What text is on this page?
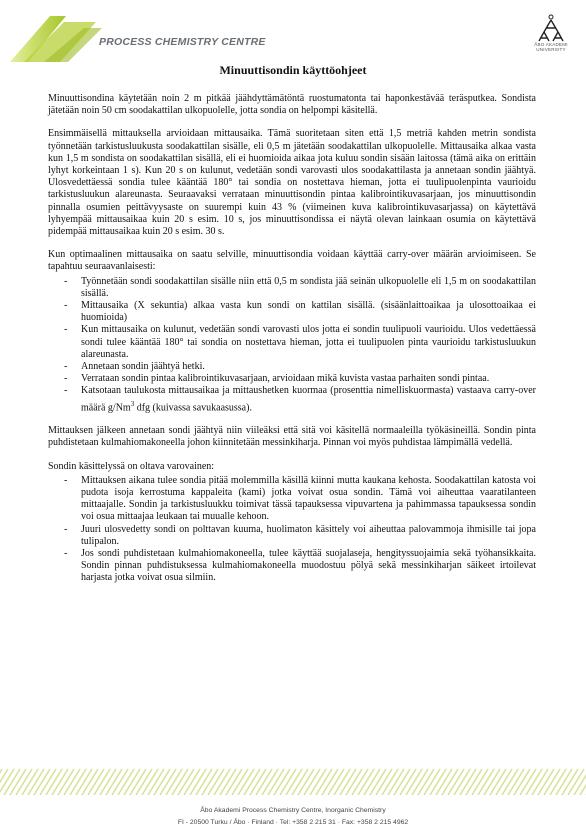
PROCESS CHEMISTRY CENTRE	ÅBO AKADEMI
UNIVERSITY
Minuuttisondin käyttöohjeet

Minuuttisondina käytetään noin 2 m pitkää jäähdyttämätöntä ruostumatonta tai haponkestävää teräsputkea. Sondista jätetään noin 50 cm soodakattilan ulkopuolelle, jotta sondia on helpompi käsitellä.

Ensimmäisellä mittauksella arvioidaan mittausaika. Tämä suoritetaan siten että 1,5 metriä kahden metrin sondista työnnetään tarkistusluukusta soodakattilan sisälle, eli 0,5 m jätetään soodakattilan ulkopuolelle. Mittausaika alkaa vasta kun 1,5 m sondista on soodakattilan sisällä, eli ei huomioida aikaa jota kuluu sondin sisään laitossa (tämä aika on erittäin lyhyt korkeintaan 1 s). Kun 20 s on kulunut, vedetään sondi varovasti ulos soodakattilasta ja annetaan sondin jäähtyä. Ulosvedettäessä sondia tulee kääntää 180° tai sondia on nostettava hieman, jotta ei tuulipuolenpinta vaurioidu tarkistusluukun alareunasta. Seuraavaksi verrataan minuuttisondin pintaa kalibrointikuvasarjaan, jos minuuttisondin pinnalla osumien peittävyysaste on suurempi kuin 43 % (viimeinen kuva kalibrointikuvasarjassa) on käytettävä lyhyempää mittausaikaa kuin 20 s esim. 10 s, jos minuuttisondissa ei näytä olevan lainkaan osumia on käytettävä pidempää mittausaikaa kuin 20 s esim. 30 s.

Kun optimaalinen mittausaika on saatu selville, minuuttisondia voidaan käyttää carry-over määrän arvioimiseen. Se tapahtuu seuraavanlaisesti:

- Työnnetään sondi soodakattilan sisälle niin että 0,5 m sondista jää seinän ulkopuolelle eli 1,5 m on soodakattilan sisällä.
- Mittausaika (X sekuntia) alkaa vasta kun sondi on kattilan sisällä. (sisäänlaittoaikaa ja ulosottoaikaa ei huomioida)
- Kun mittausaika on kulunut, vedetään sondi varovasti ulos jotta ei sondin tuulipuoli vaurioidu. Ulos vedettäessä sondi tulee kääntää 180° tai sondia on nostettava hieman, jotta ei tuulipuolen pinta vaurioidu tarkistusluukun alareunasta.
- Annetaan sondin jäähtyä hetki.
- Verrataan sondin pintaa kalibrointikuvasarjaan, arvioidaan mikä kuvista vastaa parhaiten sondi pintaa.
- Katsotaan taulukosta mittausaikaa ja mittaushetken kuormaa (prosenttia nimelliskuormasta) vastaava carry-over määrä g/Nm$^3$ dfg (kuivassa savukaasussa).

Mittauksen jälkeen annetaan sondi jäähtyä niin viileäksi että sitä voi käsitellä normaaleilla työkäsineillä. Sondin pinta puhdistetaan kulmahiomakoneella johon kiinnitetään messinkiharja. Pinnan voi myös puhdistaa lämpimällä vedellä.

Sondin käsittelyssä on oltava varovainen:

- Mittauksen aikana tulee sondia pitää molemmilla käsillä kiinni mutta kaukana kehosta. Soodakattilan katosta voi pudota isoja kerrostuma kappaleita (kami) jotka voivat osua sondin. Tämä voi aiheuttaa vaaratilanteen mittaajalle. Sondin ja tarkistusluukku toimivat tässä tapauksessa vipuvartena ja pahimmassa tapauksessa sondin voi osua mittaajaa leukaan tai muualle kehoon.
- Juuri ulosvedetty sondi on polttavan kuuma, huolimaton käsittely voi aiheuttaa palovammoja ihmisille tai jopa tulipalon.
- Jos sondi puhdistetaan kulmahiomakoneella, tulee käyttää suojalaseja, hengityssuojaimia sekä työhansikkaita. Sondin pinnan puhdistuksessa kulmahiomakoneella muodostuu pölyä sekä messinkiharjan säikeet irtoilevat harjasta jotka voivat osua silmiin.
Åbo Akademi Process Chemistry Centre, Inorganic Chemistry
FI - 20500 Turku / Åbo · Finland · Tel: +358 2 215 31 · Fax: +358 2 215 4962
